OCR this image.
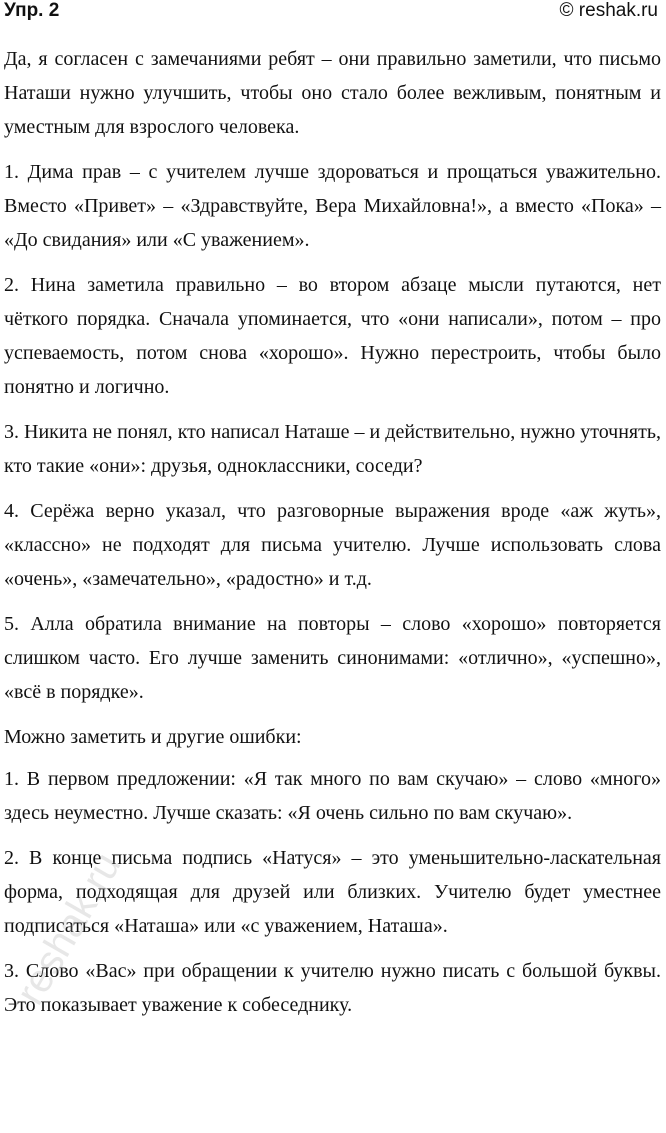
Упр. 2	© reshak.ru

Да, я согласен с замечаниями ребят – они правильно заметили, что письмо Наташи нужно улучшить, чтобы оно стало более вежливым, понятным и уместным для взрослого человека.

1. Дима прав – с учителем лучше здороваться и прощаться уважительно. Вместо «Привет» – «Здравствуйте, Вера Михайловна!», а вместо «Пока» – «До свидания» или «С уважением».

2. Нина заметила правильно – во втором абзаце мысли путаются, нет чёткого порядка. Сначала упоминается, что «они написали», потом – про успеваемость, потом снова «хорошо». Нужно перестроить, чтобы было понятно и логично.

3. Никита не понял, кто написал Наташе – и действительно, нужно уточнять, кто такие «они»: друзья, одноклассники, соседи?

4. Серёжа верно указал, что разговорные выражения вроде «аж жуть», «классно» не подходят для письма учителю. Лучше использовать слова «очень», «замечательно», «радостно» и т.д.

5. Алла обратила внимание на повторы – слово «хорошо» повторяется слишком часто. Его лучше заменить синонимами: «отлично», «успешно», «всё в порядке».

Можно заметить и другие ошибки:

1. В первом предложении: «Я так много по вам скучаю» – слово «много» здесь неуместно. Лучше сказать: «Я очень сильно по вам скучаю».

2. В конце письма подпись «Натуся» – это уменьшительно-ласкательная форма, подходящая для друзей или близких. Учителю будет уместнее подписаться «Наташа» или «с уважением, Наташа».

3. Слово «Вас» при обращении к учителю нужно писать с большой буквы. Это показывает уважение к собеседнику.

reshak.ru
